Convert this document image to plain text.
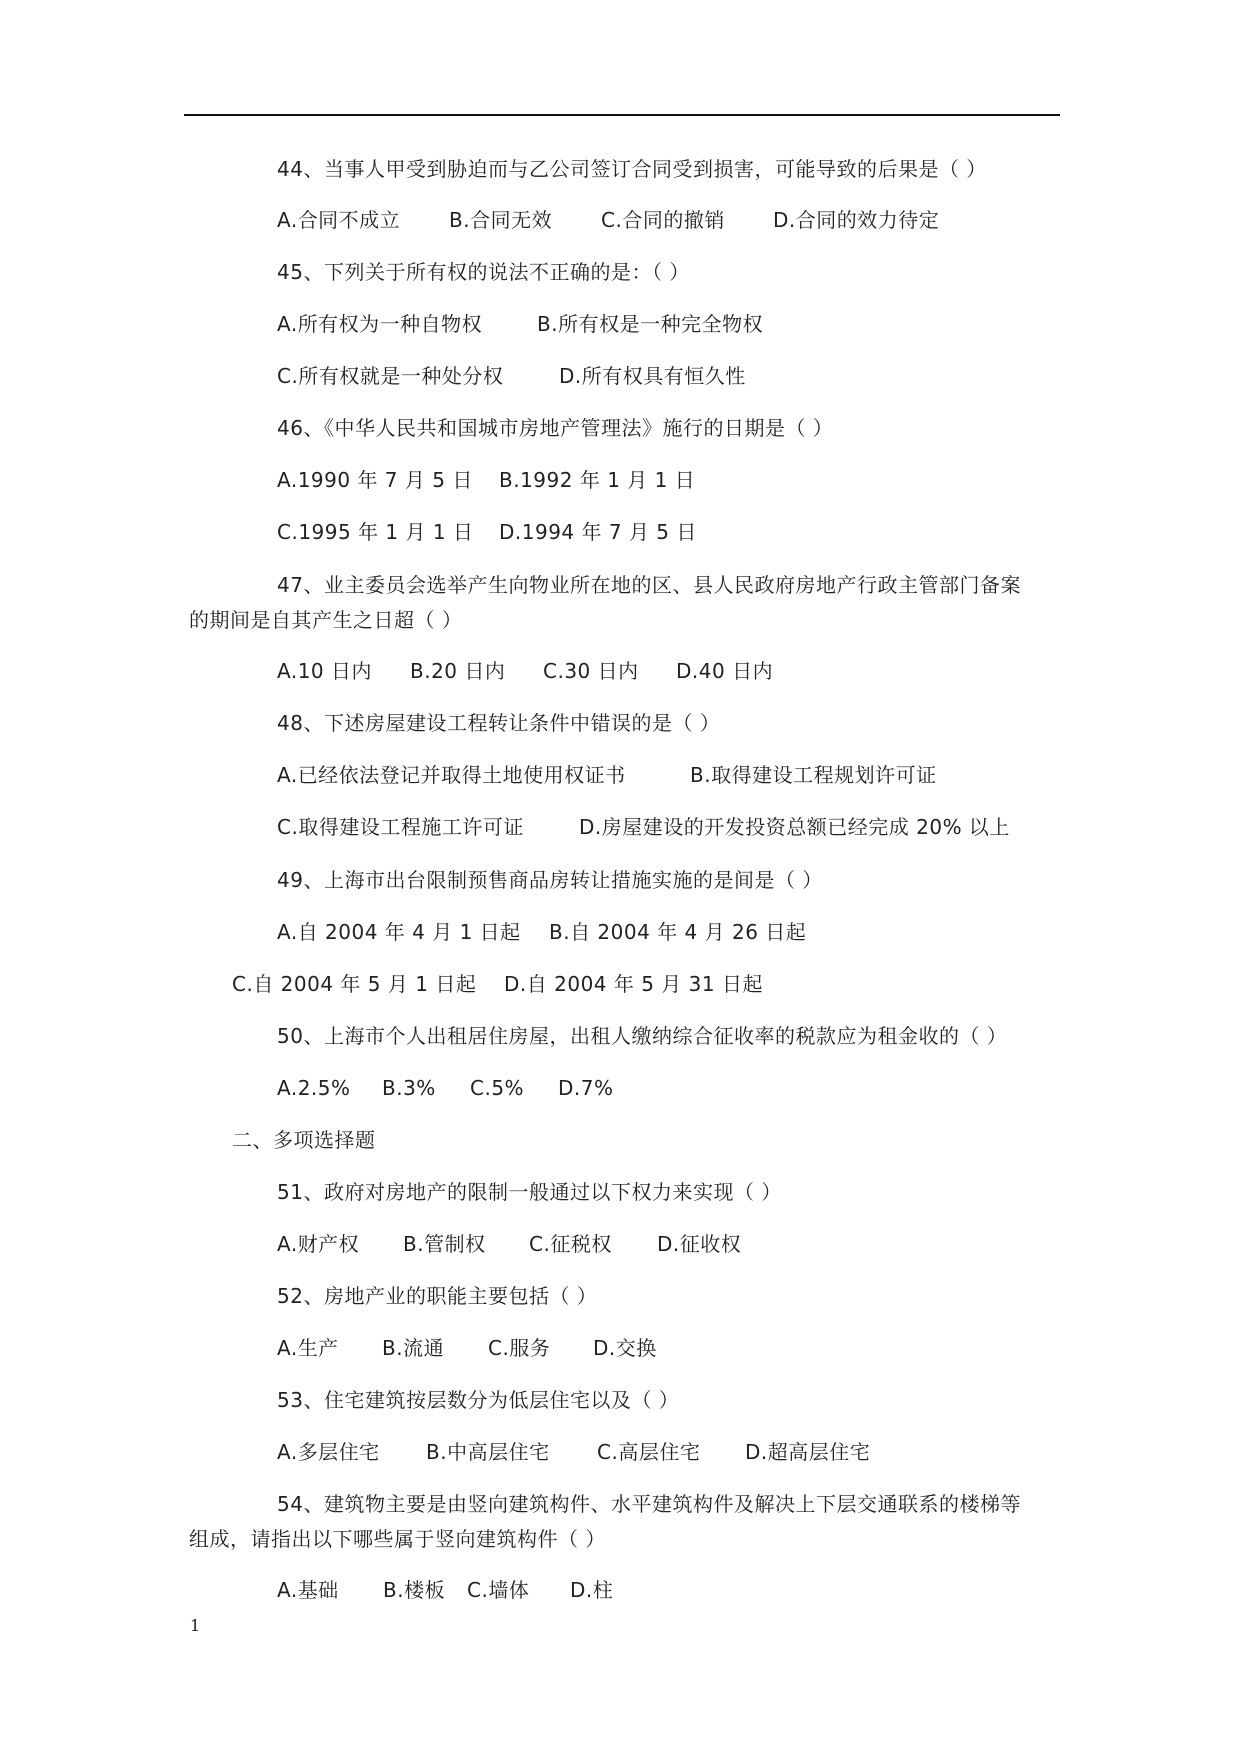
44、当事人甲受到胁迫而与乙公司签订合同受到损害，可能导致的后果是（ ）
A.合同不成立 B.合同无效 C.合同的撤销 D.合同的效力待定
45、下列关于所有权的说法不正确的是：（ ）
A.所有权为一种自物权	B.所有权是一种完全物权
C.所有权就是一种处分权	D.所有权具有恒久性
46、《中华人民共和国城市房地产管理法》施行的日期是（ ）
A.1990 年 7 月 5 日 B.1992 年 1 月 1 日
C.1995 年 1 月 1 日 D.1994 年 7 月 5 日
47、业主委员会选举产生向物业所在地的区、县人民政府房地产行政主管部门备案
的期间是自其产生之日超（ ）
A.10 日内 B.20 日内 C.30 日内 D.40 日内
48、下述房屋建设工程转让条件中错误的是（ ）
A.已经依法登记并取得土地使用权证书	B.取得建设工程规划许可证
C.取得建设工程施工许可证	D.房屋建设的开发投资总额已经完成 20% 以上
49、上海市出台限制预售商品房转让措施实施的是间是（ ）
A.自 2004 年 4 月 1 日起 B.自 2004 年 4 月 26 日起
C.自 2004 年 5 月 1 日起 D.自 2004 年 5 月 31 日起
50、上海市个人出租居住房屋，出租人缴纳综合征收率的税款应为租金收的（ ）
A.2.5% B.3% C.5% D.7%
二、多项选择题
51、政府对房地产的限制一般通过以下权力来实现（ ）
A.财产权 B.管制权 C.征税权 D.征收权
52、房地产业的职能主要包括（ ）
A.生产 B.流通 C.服务 D.交换
53、住宅建筑按层数分为低层住宅以及（ ）
A.多层住宅 B.中高层住宅 C.高层住宅 D.超高层住宅
54、建筑物主要是由竖向建筑构件、水平建筑构件及解决上下层交通联系的楼梯等
组成，请指出以下哪些属于竖向建筑构件（ ）
A.基础 B.楼板 C.墙体 D.柱
1
